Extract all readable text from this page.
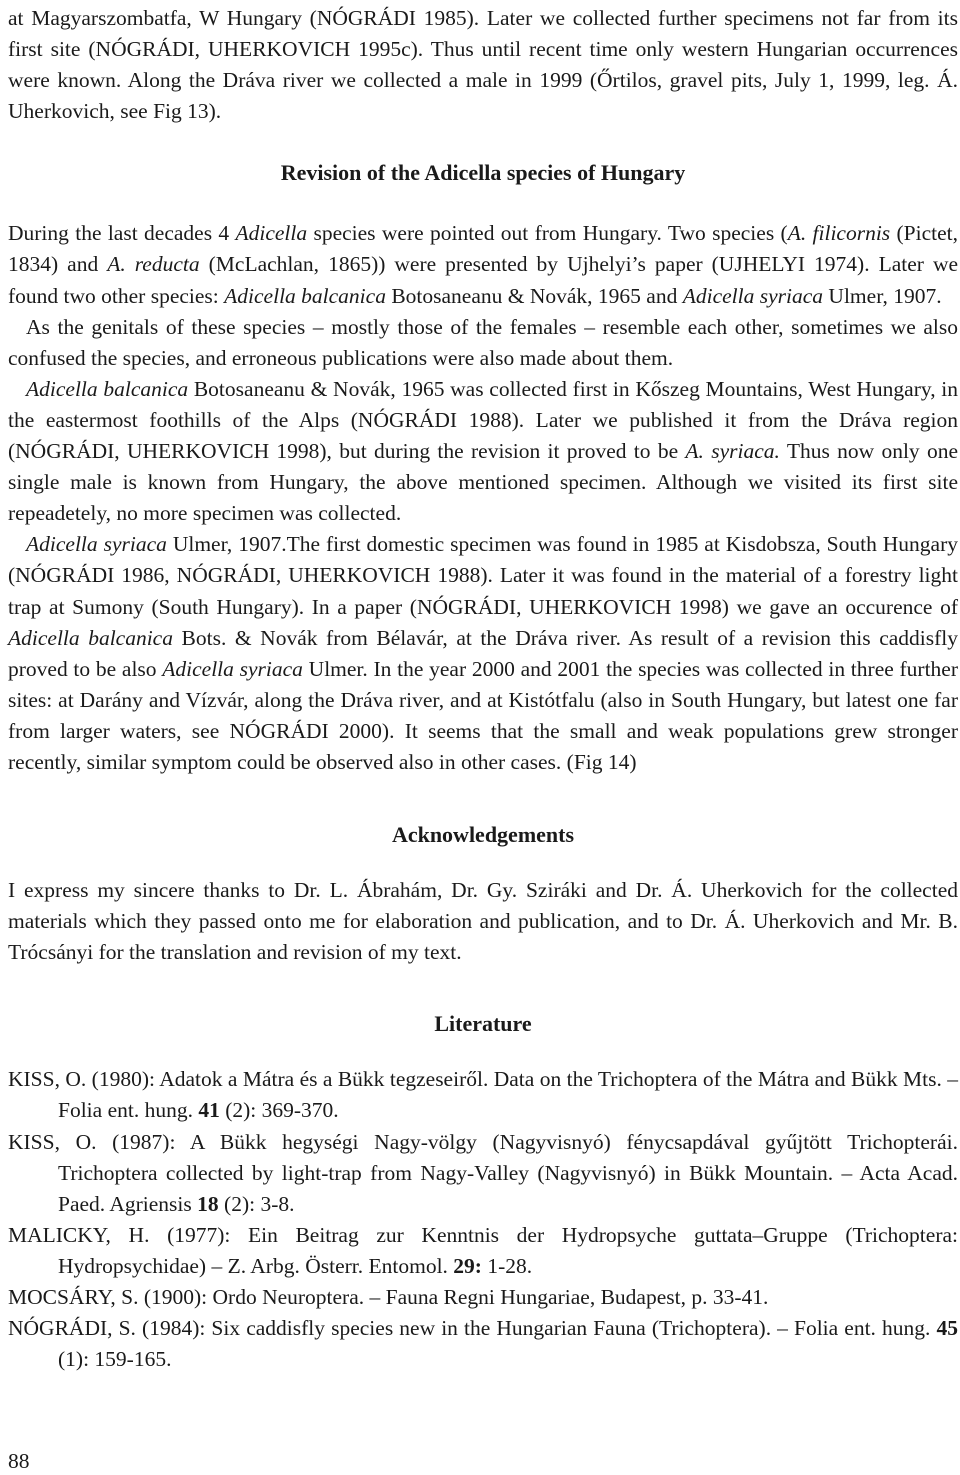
at Magyarszombatfa, W Hungary (NÓGRÁDI 1985). Later we collected further specimens not far from its first site (NÓGRÁDI, UHERKOVICH 1995c). Thus until recent time only western Hungarian occurrences were known. Along the Dráva river we collected a male in 1999 (Őrtilos, gravel pits, July 1, 1999, leg. Á. Uherkovich, see Fig 13).

Revision of the Adicella species of Hungary

During the last decades 4 Adicella species were pointed out from Hungary. Two species (A. filicornis (Pictet, 1834) and A. reducta (McLachlan, 1865)) were presented by Ujhelyi’s paper (UJHELYI 1974). Later we found two other species: Adicella balcanica Botosaneanu & Novák, 1965 and Adicella syriaca Ulmer, 1907.

As the genitals of these species – mostly those of the females – resemble each other, sometimes we also confused the species, and erroneous publications were also made about them.

Adicella balcanica Botosaneanu & Novák, 1965 was collected first in Kőszeg Mountains, West Hungary, in the eastermost foothills of the Alps (NÓGRÁDI 1988). Later we published it from the Dráva region (NÓGRÁDI, UHERKOVICH 1998), but during the revision it proved to be A. syriaca. Thus now only one single male is known from Hungary, the above mentioned specimen. Although we visited its first site repeadetely, no more specimen was collected.

Adicella syriaca Ulmer, 1907.The first domestic specimen was found in 1985 at Kisdobsza, South Hungary (NÓGRÁDI 1986, NÓGRÁDI, UHERKOVICH 1988). Later it was found in the material of a forestry light trap at Sumony (South Hungary). In a paper (NÓGRÁDI, UHERKOVICH 1998) we gave an occurence of Adicella balcanica Bots. & Novák from Bélavár, at the Dráva river. As result of a revision this caddisfly proved to be also Adicella syriaca Ulmer. In the year 2000 and 2001 the species was collected in three further sites: at Darány and Vízvár, along the Dráva river, and at Kistótfalu (also in South Hungary, but latest one far from larger waters, see NÓGRÁDI 2000). It seems that the small and weak populations grew stronger recently, similar symptom could be observed also in other cases. (Fig 14)

Acknowledgements

I express my sincere thanks to Dr. L. Ábrahám, Dr. Gy. Sziráki and Dr. Á. Uherkovich for the collected materials which they passed onto me for elaboration and publication, and to Dr. Á. Uherkovich and Mr. B. Trócsányi for the translation and revision of my text.

Literature

KISS, O. (1980): Adatok a Mátra és a Bükk tegzeseiről. Data on the Trichoptera of the Mátra and Bükk Mts. – Folia ent. hung. 41 (2): 369-370.

KISS, O. (1987): A Bükk hegységi Nagy-völgy (Nagyvisnyó) fénycsapdával gyűjtött Trichopterái. Trichoptera collected by light-trap from Nagy-Valley (Nagyvisnyó) in Bükk Mountain. – Acta Acad. Paed. Agriensis 18 (2): 3-8.

MALICKY, H. (1977): Ein Beitrag zur Kenntnis der Hydropsyche guttata–Gruppe (Trichoptera: Hydropsychidae) – Z. Arbg. Österr. Entomol. 29: 1-28.

MOCSÁRY, S. (1900): Ordo Neuroptera. – Fauna Regni Hungariae, Budapest, p. 33-41.

NÓGRÁDI, S. (1984): Six caddisfly species new in the Hungarian Fauna (Trichoptera). – Folia ent. hung. 45 (1): 159-165.

88
